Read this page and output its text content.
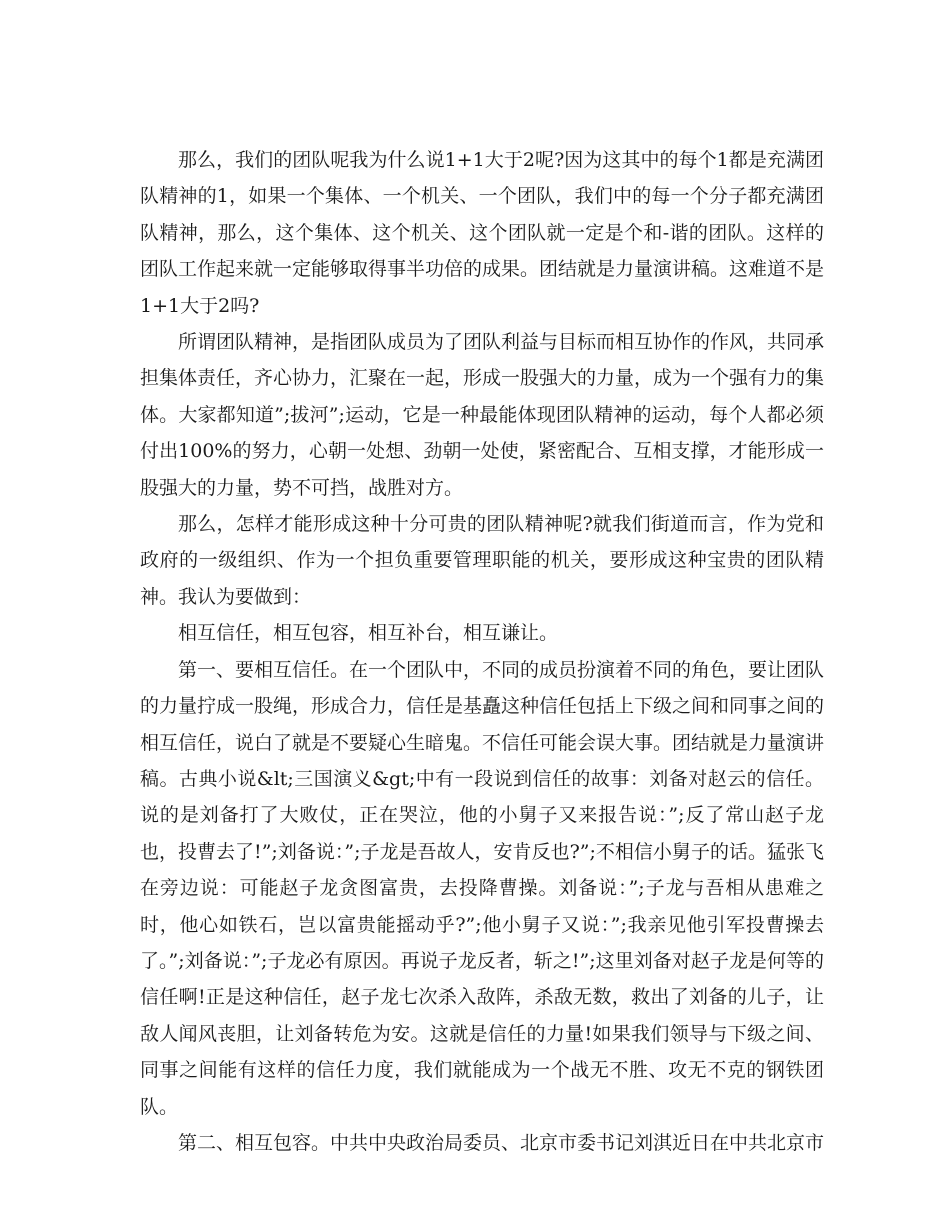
那么，我们的团队呢我为什么说1+1大于2呢?因为这其中的每个1都是充满团队精神的1，如果一个集体、一个机关、一个团队，我们中的每一个分子都充满团队精神，那么，这个集体、这个机关、这个团队就一定是个和-谐的团队。这样的团队工作起来就一定能够取得事半功倍的成果。团结就是力量演讲稿。这难道不是1+1大于2吗?

所谓团队精神，是指团队成员为了团队利益与目标而相互协作的作风，共同承担集体责任，齐心协力，汇聚在一起，形成一股强大的力量，成为一个强有力的集体。大家都知道”;拔河”;运动，它是一种最能体现团队精神的运动，每个人都必须付出100%的努力，心朝一处想、劲朝一处使，紧密配合、互相支撑，才能形成一股强大的力量，势不可挡，战胜对方。

那么，怎样才能形成这种十分可贵的团队精神呢?就我们街道而言，作为党和政府的一级组织、作为一个担负重要管理职能的机关，要形成这种宝贵的团队精神。我认为要做到：

相互信任，相互包容，相互补台，相互谦让。

第一、要相互信任。在一个团队中，不同的成员扮演着不同的角色，要让团队的力量拧成一股绳，形成合力，信任是基矗这种信任包括上下级之间和同事之间的相互信任，说白了就是不要疑心生暗鬼。不信任可能会误大事。团结就是力量演讲稿。古典小说&lt;三国演义&gt;中有一段说到信任的故事：刘备对赵云的信任。说的是刘备打了大败仗，正在哭泣，他的小舅子又来报告说：”;反了常山赵子龙也，投曹去了!”;刘备说：”;子龙是吾故人，安肯反也?”;不相信小舅子的话。猛张飞在旁边说：可能赵子龙贪图富贵，去投降曹操。刘备说：”;子龙与吾相从患难之时，他心如铁石，岂以富贵能摇动乎?”;他小舅子又说：”;我亲见他引军投曹操去了。”;刘备说：”;子龙必有原因。再说子龙反者，斩之!”;这里刘备对赵子龙是何等的信任啊!正是这种信任，赵子龙七次杀入敌阵，杀敌无数，救出了刘备的儿子，让敌人闻风丧胆，让刘备转危为安。这就是信任的力量!如果我们领导与下级之间、同事之间能有这样的信任力度，我们就能成为一个战无不胜、攻无不克的钢铁团队。

第二、相互包容。中共中央政治局委员、北京市委书记刘淇近日在中共北京市
